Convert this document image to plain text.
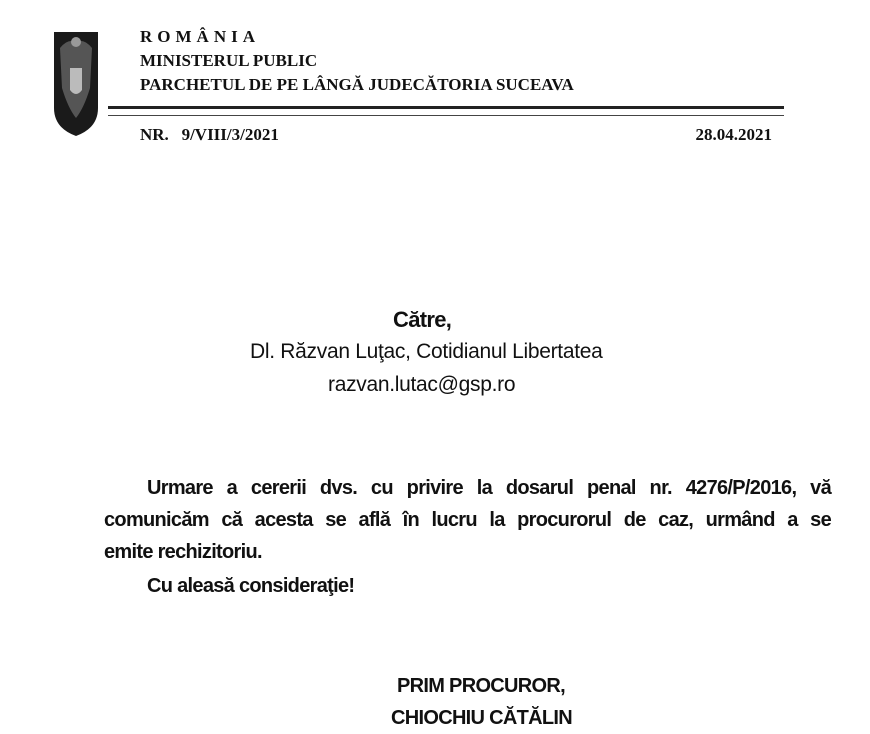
ROMÂNIA
MINISTERUL PUBLIC
PARCHETUL DE PE LÂNGĂ JUDECĂTORIA SUCEAVA
NR. 9/VIII/3/2021	28.04.2021
Către,
Dl. Răzvan Luţac, Cotidianul Libertatea
razvan.lutac@gsp.ro
Urmare a cererii dvs. cu privire la dosarul penal nr. 4276/P/2016, vă
comunicăm că acesta se află în lucru la procurorul de caz, urmând a se
emite rechizitoriu.
Cu aleasă consideraţie!
PRIM PROCUROR,
CHIOCHIU CĂTĂLIN
